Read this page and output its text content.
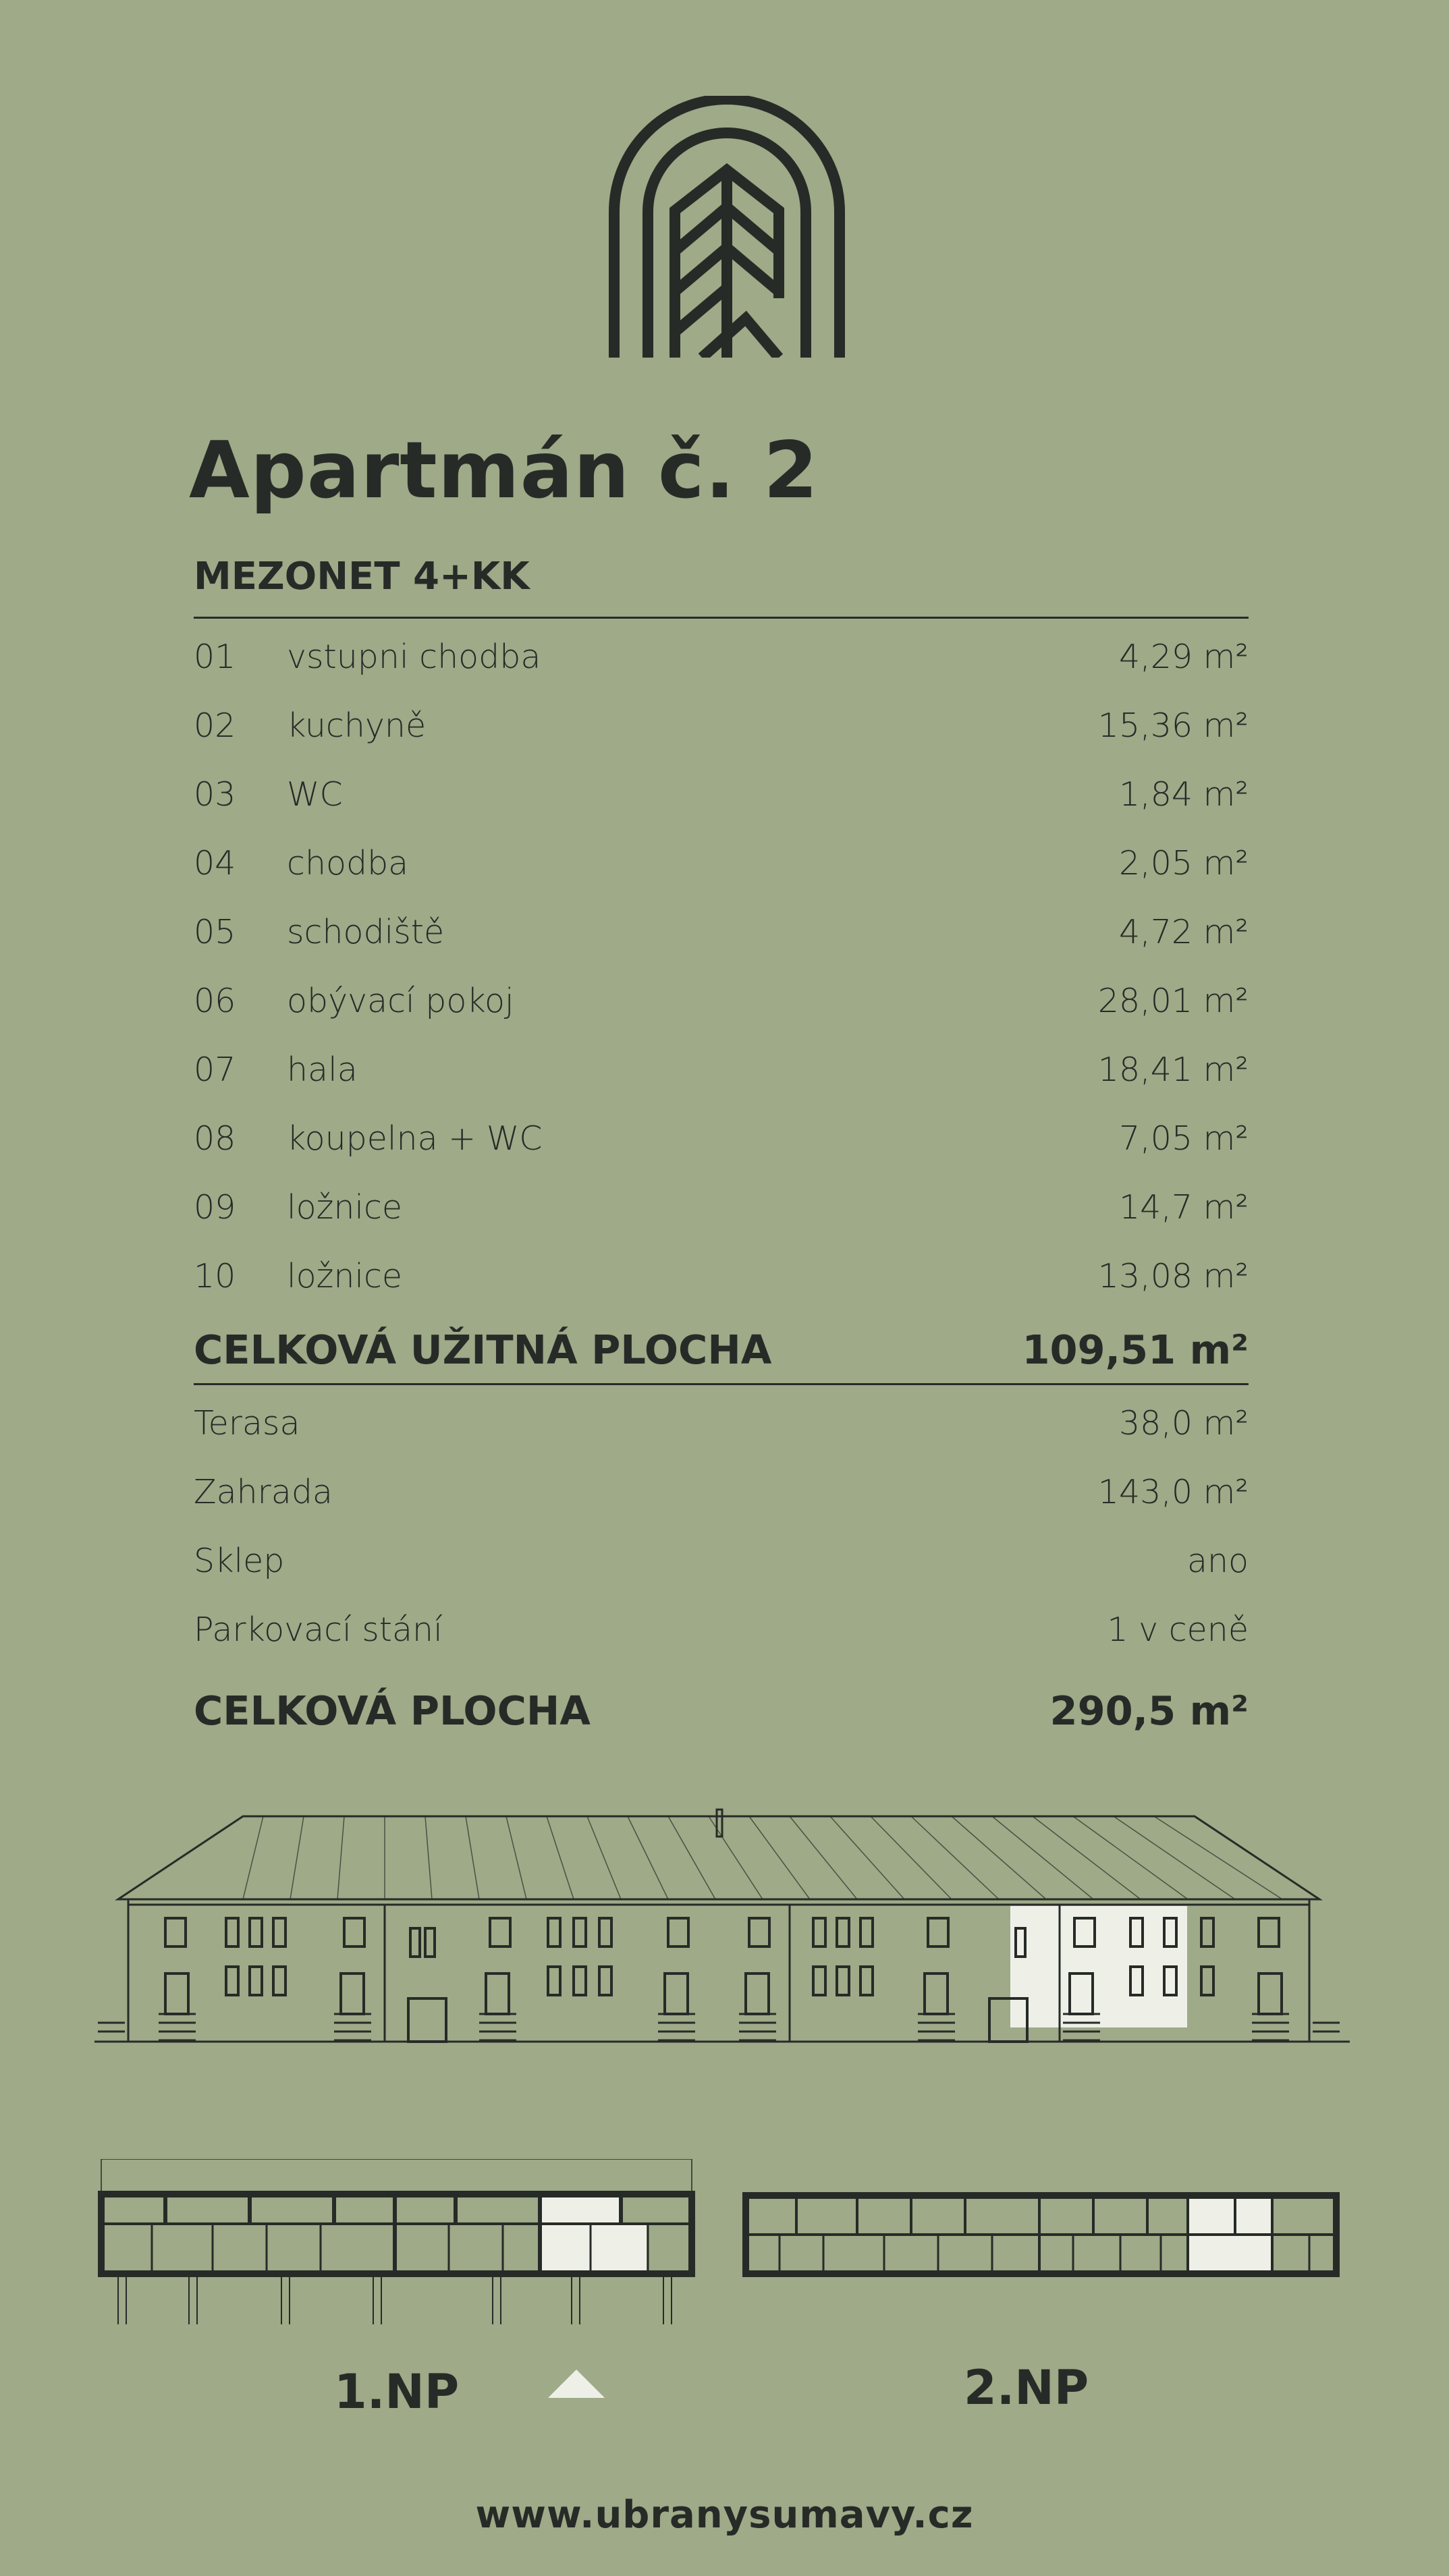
Apartmán č. 2
MEZONET 4+KK
01	vstupni chodba	4,29 m²
02	kuchyně	15,36 m²
03	WC	1,84 m²
04	chodba	2,05 m²
05	schodiště	4,72 m²
06	obývací pokoj	28,01 m²
07	hala	18,41 m²
08	koupelna + WC	7,05 m²
09	ložnice	14,7 m²
10	ložnice	13,08 m²
CELKOVÁ UŽITNÁ PLOCHA	109,51 m²
Terasa	38,0 m²
Zahrada	143,0 m²
Sklep	ano
Parkovací stání	1 v ceně
CELKOVÁ PLOCHA	290,5 m²
1.NP	2.NP
www.ubranysumavy.cz
